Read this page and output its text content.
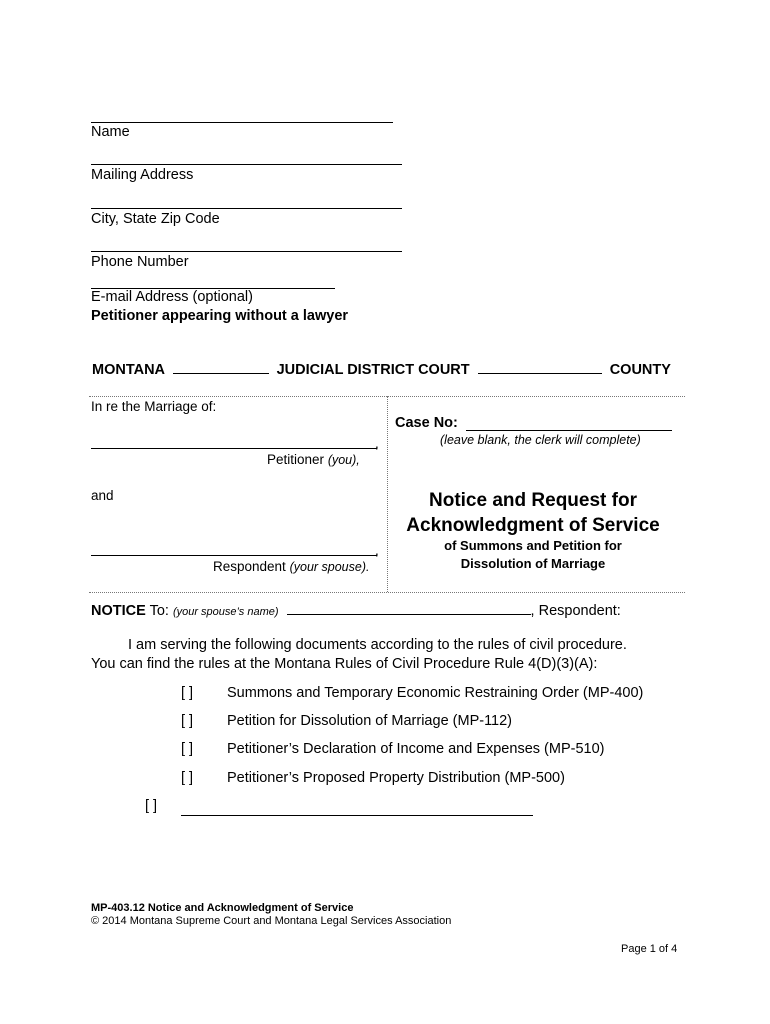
Name
Mailing Address
City, State Zip Code
Phone Number
E-mail Address (optional)
Petitioner appearing without a lawyer
MONTANA	JUDICIAL DISTRICT COURT	COUNTY
In re the Marriage of:
,
Petitioner (you),
and
,
Respondent (your spouse).
Case No:
(leave blank, the clerk will complete)
Notice and Request for
Acknowledgment of Service
of Summons and Petition for
Dissolution of Marriage
NOTICE To: (your spouse’s name)	, Respondent:
I am serving the following documents according to the rules of civil procedure.
You can find the rules at the Montana Rules of Civil Procedure Rule 4(D)(3)(A):
[ ] Summons and Temporary Economic Restraining Order (MP-400)
[ ] Petition for Dissolution of Marriage (MP-112)
[ ] Petitioner’s Declaration of Income and Expenses (MP-510)
[ ] Petitioner’s Proposed Property Distribution (MP-500)
[ ]
MP-403.12 Notice and Acknowledgment of Service
© 2014 Montana Supreme Court and Montana Legal Services Association
Page 1 of 4
